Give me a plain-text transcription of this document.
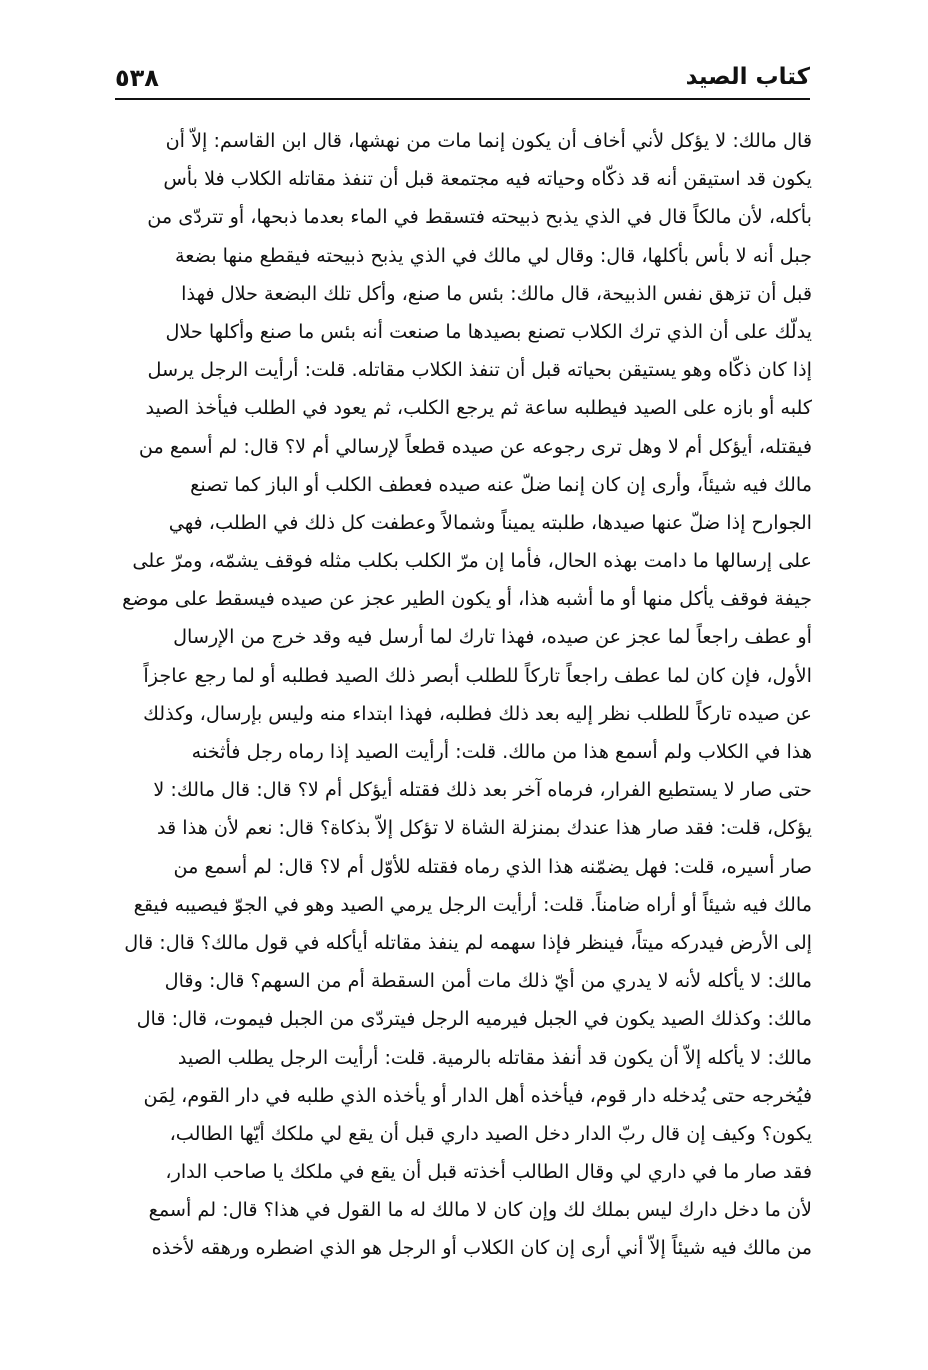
٥٣٨	كتاب الصيد
قال مالك: لا يؤكل لأني أخاف أن يكون إنما مات من نهشها، قال ابن القاسم: إلاّ أن
يكون قد استيقن أنه قد ذكّاه وحياته فيه مجتمعة قبل أن تنفذ مقاتله الكلاب فلا بأس
بأكله، لأن مالكاً قال في الذي يذبح ذبيحته فتسقط في الماء بعدما ذبحها، أو تتردّى من
جبل أنه لا بأس بأكلها، قال: وقال لي مالك في الذي يذبح ذبيحته فيقطع منها بضعة
قبل أن تزهق نفس الذبيحة، قال مالك: بئس ما صنع، وأكل تلك البضعة حلال فهذا
يدلّك على أن الذي ترك الكلاب تصنع بصيدها ما صنعت أنه بئس ما صنع وأكلها حلال
إذا كان ذكّاه وهو يستيقن بحياته قبل أن تنفذ الكلاب مقاتله. قلت: أرأيت الرجل يرسل
كلبه أو بازه على الصيد فيطلبه ساعة ثم يرجع الكلب، ثم يعود في الطلب فيأخذ الصيد
فيقتله، أيؤكل أم لا وهل ترى رجوعه عن صيده قطعاً لإرسالي أم لا؟ قال: لم أسمع من
مالك فيه شيئاً، وأرى إن كان إنما ضلّ عنه صيده فعطف الكلب أو الباز كما تصنع
الجوارح إذا ضلّ عنها صيدها، طلبته يميناً وشمالاً وعطفت كل ذلك في الطلب، فهي
على إرسالها ما دامت بهذه الحال، فأما إن مرّ الكلب بكلب مثله فوقف يشمّه، ومرّ على
جيفة فوقف يأكل منها أو ما أشبه هذا، أو يكون الطير عجز عن صيده فيسقط على موضع
أو عطف راجعاً لما عجز عن صيده، فهذا تارك لما أرسل فيه وقد خرج من الإرسال
الأول، فإن كان لما عطف راجعاً تاركاً للطلب أبصر ذلك الصيد فطلبه أو لما رجع عاجزاً
عن صيده تاركاً للطلب نظر إليه بعد ذلك فطلبه، فهذا ابتداء منه وليس بإرسال، وكذلك
هذا في الكلاب ولم أسمع هذا من مالك. قلت: أرأيت الصيد إذا رماه رجل فأثخنه
حتى صار لا يستطيع الفرار، فرماه آخر بعد ذلك فقتله أيؤكل أم لا؟ قال: قال مالك: لا
يؤكل، قلت: فقد صار هذا عندك بمنزلة الشاة لا تؤكل إلاّ بذكاة؟ قال: نعم لأن هذا قد
صار أسيره، قلت: فهل يضمّنه هذا الذي رماه فقتله للأوّل أم لا؟ قال: لم أسمع من
مالك فيه شيئاً أو أراه ضامناً. قلت: أرأيت الرجل يرمي الصيد وهو في الجوّ فيصيبه فيقع
إلى الأرض فيدركه ميتاً، فينظر فإذا سهمه لم ينفذ مقاتله أيأكله في قول مالك؟ قال: قال
مالك: لا يأكله لأنه لا يدري من أيّ ذلك مات أمن السقطة أم من السهم؟ قال: وقال
مالك: وكذلك الصيد يكون في الجبل فيرميه الرجل فيتردّى من الجبل فيموت، قال: قال
مالك: لا يأكله إلاّ أن يكون قد أنفذ مقاتله بالرمية. قلت: أرأيت الرجل يطلب الصيد
فيُخرجه حتى يُدخله دار قوم، فيأخذه أهل الدار أو يأخذه الذي طلبه في دار القوم، لِمَن
يكون؟ وكيف إن قال ربّ الدار دخل الصيد داري قبل أن يقع لي ملكك أيّها الطالب،
فقد صار ما في داري لي وقال الطالب أخذته قبل أن يقع في ملكك يا صاحب الدار،
لأن ما دخل دارك ليس بملك لك وإن كان لا مالك له ما القول في هذا؟ قال: لم أسمع
من مالك فيه شيئاً إلاّ أني أرى إن كان الكلاب أو الرجل هو الذي اضطره ورهقه لأخذه
